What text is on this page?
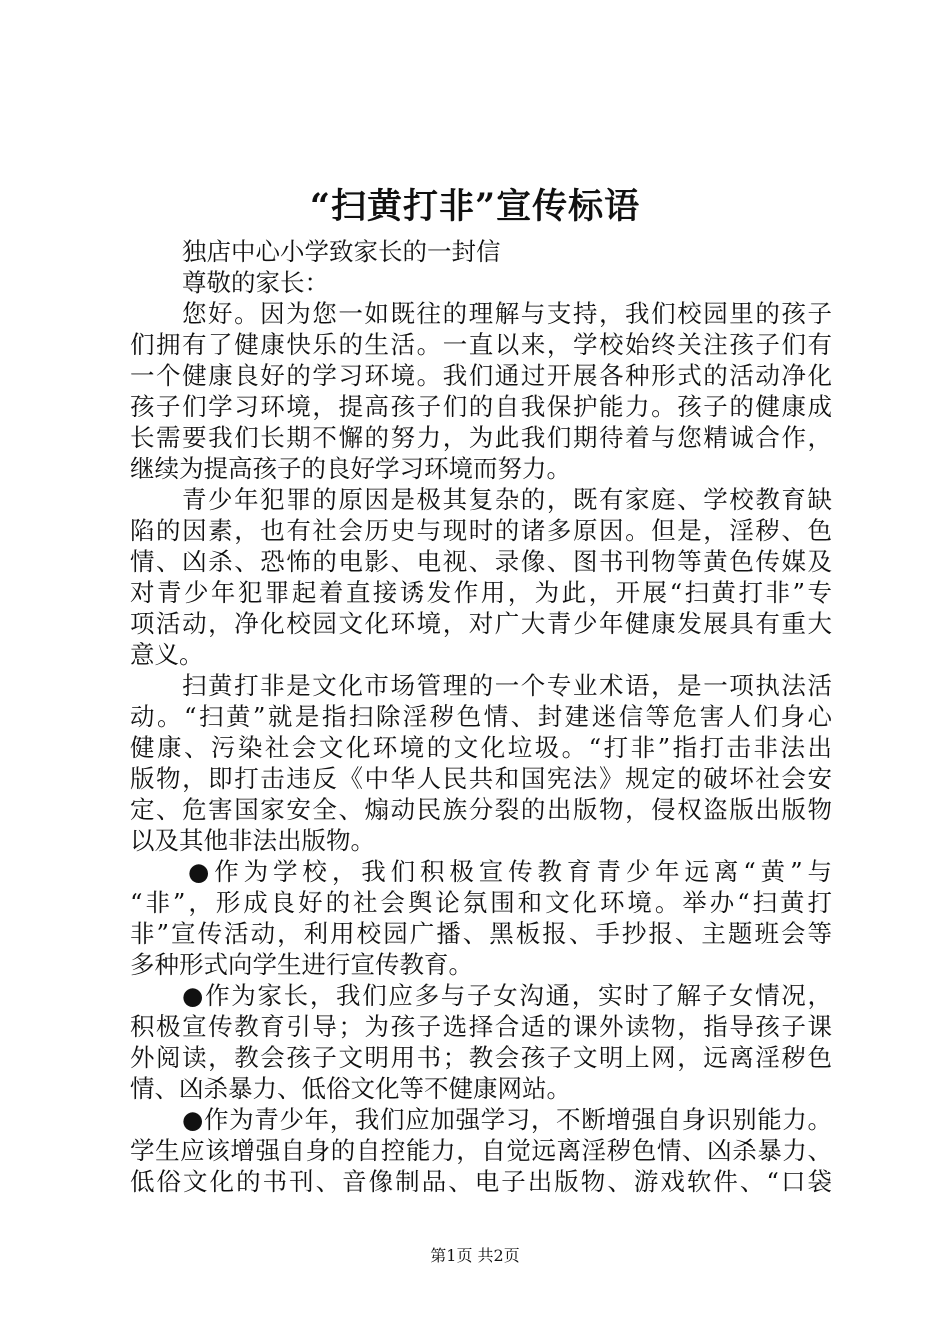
“扫黄打非”宣传标语
独店中心小学致家长的一封信
尊敬的家长：
您好。因为您一如既往的理解与支持，我们校园里的孩子
们拥有了健康快乐的生活。一直以来，学校始终关注孩子们有
一个健康良好的学习环境。我们通过开展各种形式的活动净化
孩子们学习环境，提高孩子们的自我保护能力。孩子的健康成
长需要我们长期不懈的努力，为此我们期待着与您精诚合作，
继续为提高孩子的良好学习环境而努力。
青少年犯罪的原因是极其复杂的，既有家庭、学校教育缺
陷的因素，也有社会历史与现时的诸多原因。但是，淫秽、色
情、凶杀、恐怖的电影、电视、录像、图书刊物等黄色传媒及
对青少年犯罪起着直接诱发作用，为此，开展“扫黄打非”专
项活动，净化校园文化环境，对广大青少年健康发展具有重大
意义。
扫黄打非是文化市场管理的一个专业术语，是一项执法活
动。“扫黄”就是指扫除淫秽色情、封建迷信等危害人们身心
健康、污染社会文化环境的文化垃圾。“打非”指打击非法出
版物，即打击违反《中华人民共和国宪法》规定的破坏社会安
定、危害国家安全、煽动民族分裂的出版物，侵权盗版出版物
以及其他非法出版物。
●作为学校，我们积极宣传教育青少年远离“黄”与
“非”，形成良好的社会舆论氛围和文化环境。举办“扫黄打
非”宣传活动，利用校园广播、黑板报、手抄报、主题班会等
多种形式向学生进行宣传教育。
●作为家长，我们应多与子女沟通，实时了解子女情况，
积极宣传教育引导；为孩子选择合适的课外读物，指导孩子课
外阅读，教会孩子文明用书；教会孩子文明上网，远离淫秽色
情、凶杀暴力、低俗文化等不健康网站。
●作为青少年，我们应加强学习，不断增强自身识别能力。
学生应该增强自身的自控能力，自觉远离淫秽色情、凶杀暴力、
低俗文化的书刊、音像制品、电子出版物、游戏软件、“口袋
第1页 共2页
